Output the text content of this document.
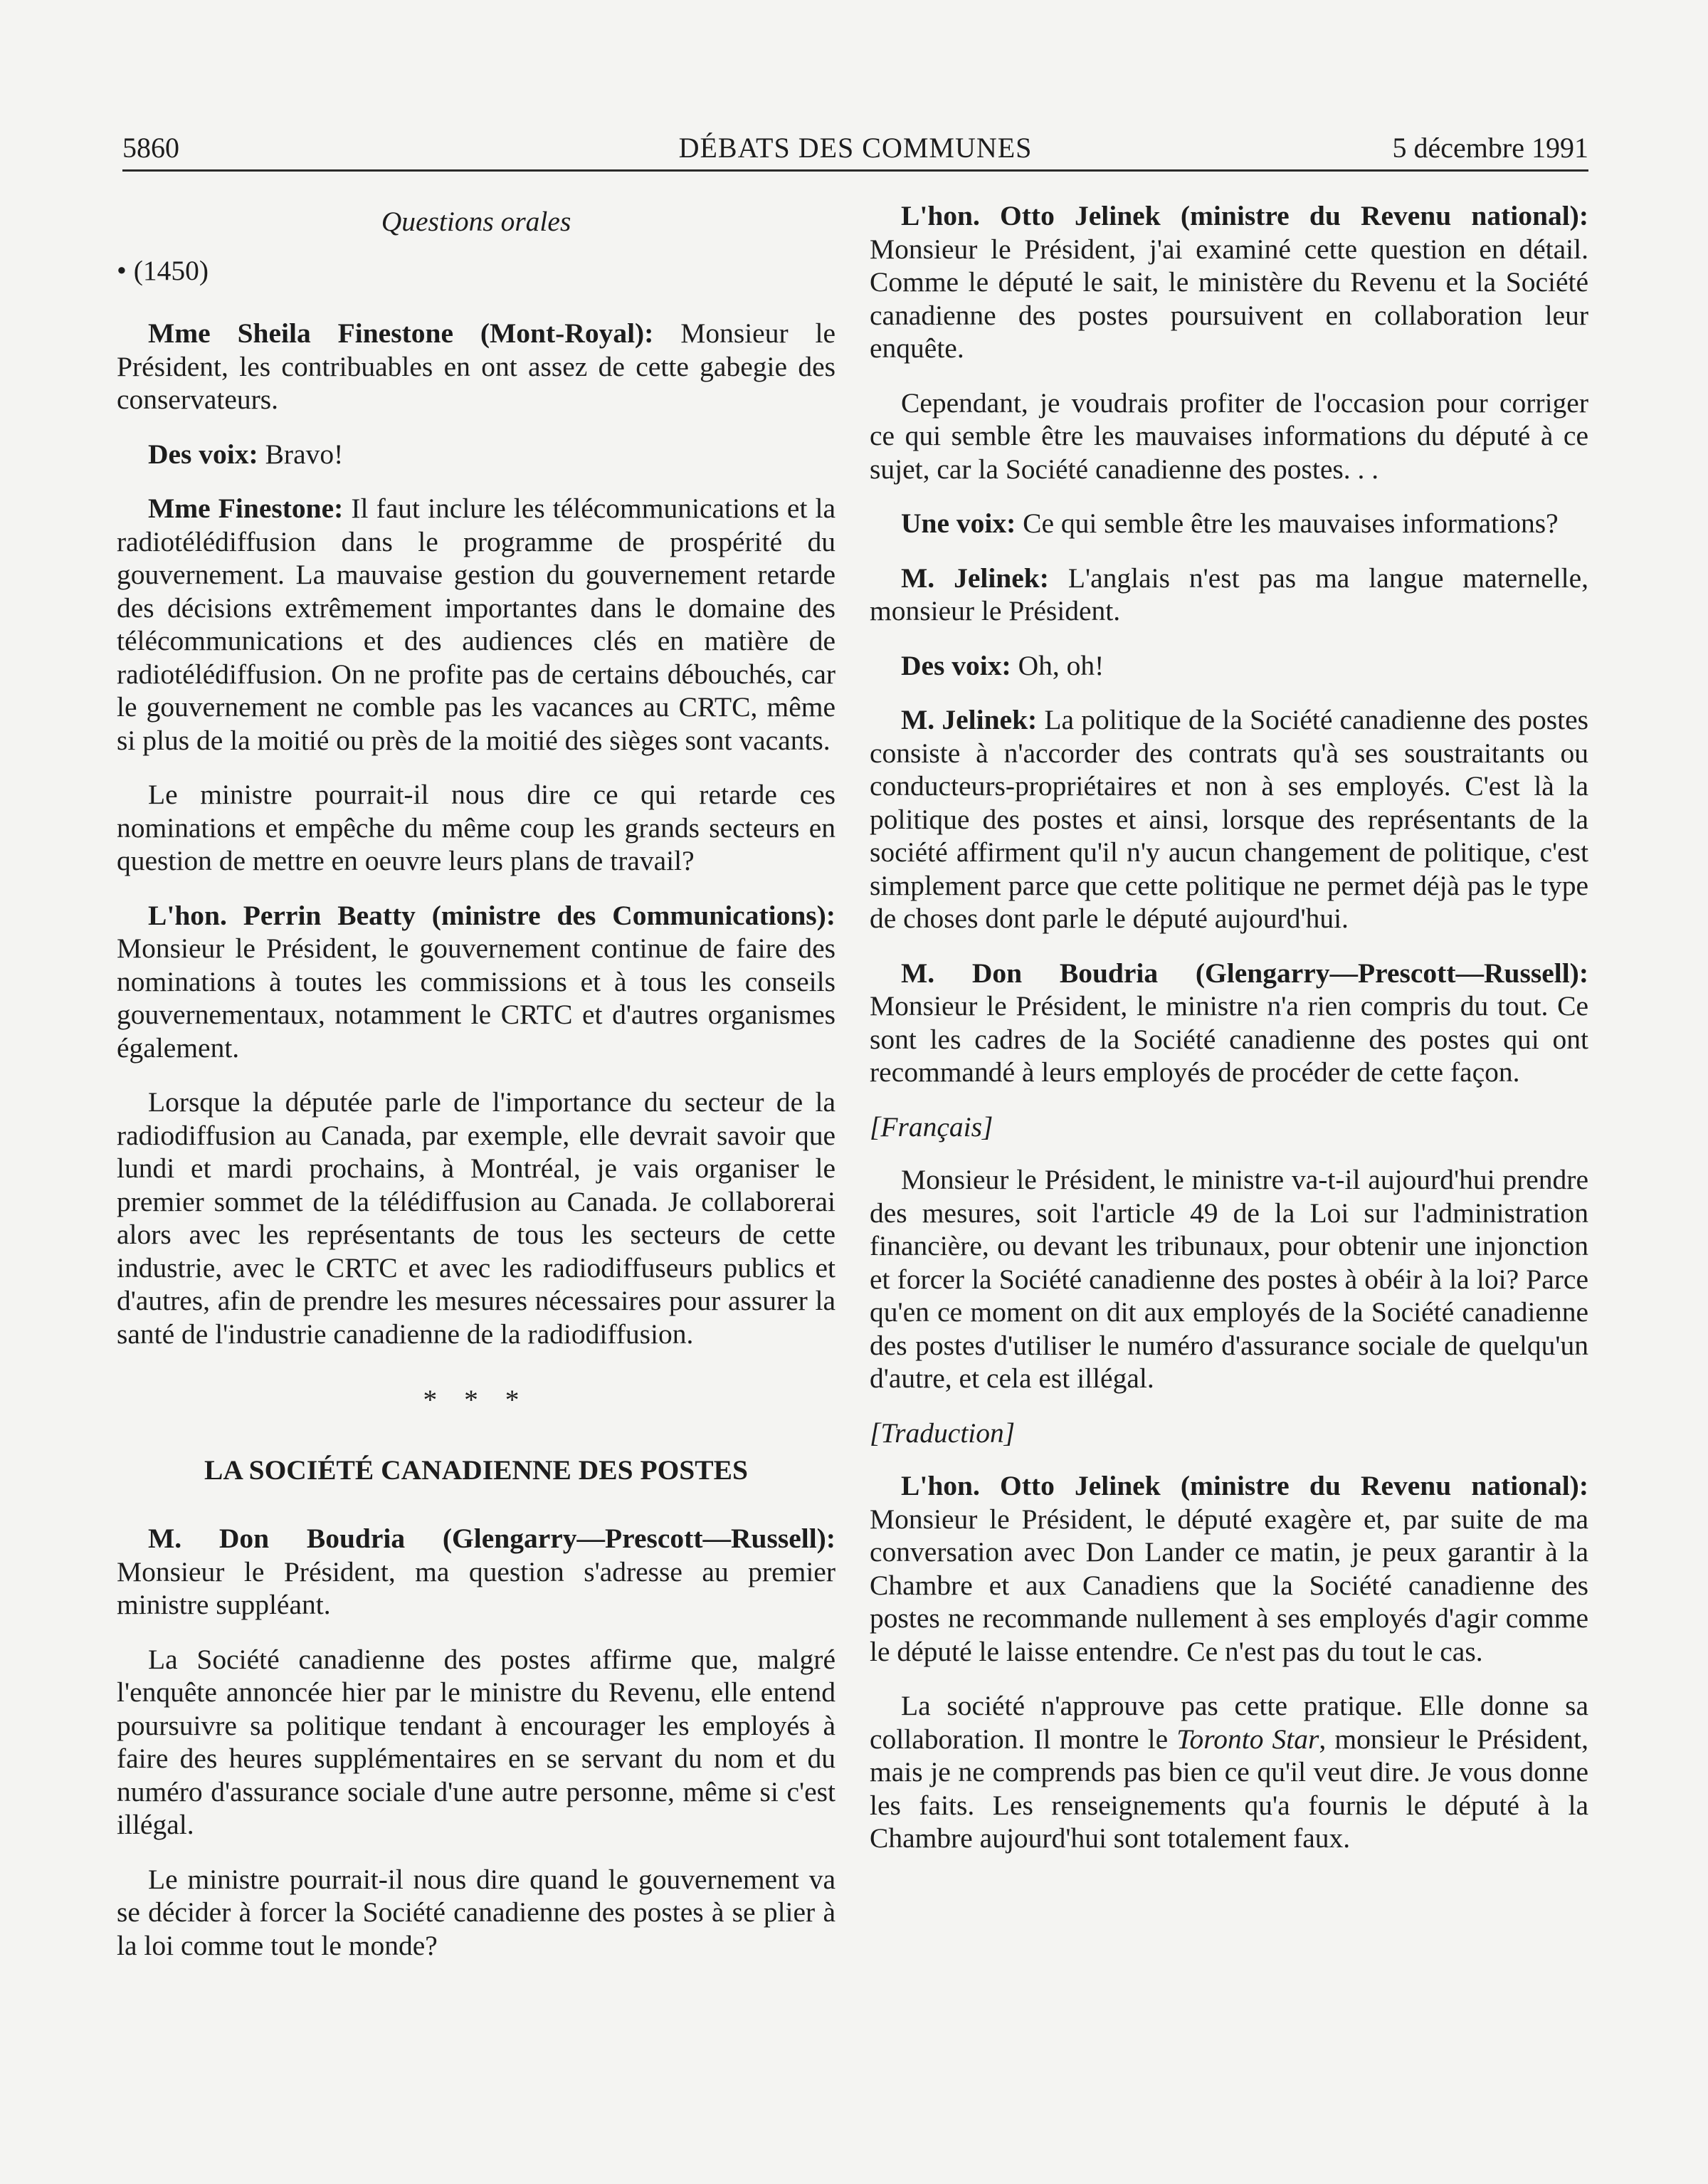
5860	DÉBATS DES COMMUNES	5 décembre 1991
Questions orales
• (1450)

Mme Sheila Finestone (Mont-Royal): Monsieur le Président, les contribuables en ont assez de cette gabegie des conservateurs.

Des voix: Bravo!

Mme Finestone: Il faut inclure les télécommunications et la radiotélédiffusion dans le programme de prospérité du gouvernement. La mauvaise gestion du gouvernement retarde des décisions extrêmement importantes dans le domaine des télécommunications et des audiences clés en matière de radiotélédiffusion. On ne profite pas de certains débouchés, car le gouvernement ne comble pas les vacances au CRTC, même si plus de la moitié ou près de la moitié des sièges sont vacants.

Le ministre pourrait-il nous dire ce qui retarde ces nominations et empêche du même coup les grands secteurs en question de mettre en oeuvre leurs plans de travail?

L'hon. Perrin Beatty (ministre des Communications): Monsieur le Président, le gouvernement continue de faire des nominations à toutes les commissions et à tous les conseils gouvernementaux, notamment le CRTC et d'autres organismes également.

Lorsque la députée parle de l'importance du secteur de la radiodiffusion au Canada, par exemple, elle devrait savoir que lundi et mardi prochains, à Montréal, je vais organiser le premier sommet de la télédiffusion au Canada. Je collaborerai alors avec les représentants de tous les secteurs de cette industrie, avec le CRTC et avec les radiodiffuseurs publics et d'autres, afin de prendre les mesures nécessaires pour assurer la santé de l'industrie canadienne de la radiodiffusion.

* * *
LA SOCIÉTÉ CANADIENNE DES POSTES

M. Don Boudria (Glengarry—Prescott—Russell): Monsieur le Président, ma question s'adresse au premier ministre suppléant.

La Société canadienne des postes affirme que, malgré l'enquête annoncée hier par le ministre du Revenu, elle entend poursuivre sa politique tendant à encourager les employés à faire des heures supplémentaires en se servant du nom et du numéro d'assurance sociale d'une autre personne, même si c'est illégal.

Le ministre pourrait-il nous dire quand le gouvernement va se décider à forcer la Société canadienne des postes à se plier à la loi comme tout le monde?

L'hon. Otto Jelinek (ministre du Revenu national): Monsieur le Président, j'ai examiné cette question en détail. Comme le député le sait, le ministère du Revenu et la Société canadienne des postes poursuivent en collaboration leur enquête.

Cependant, je voudrais profiter de l'occasion pour corriger ce qui semble être les mauvaises informations du député à ce sujet, car la Société canadienne des postes. . .

Une voix: Ce qui semble être les mauvaises informations?

M. Jelinek: L'anglais n'est pas ma langue maternelle, monsieur le Président.

Des voix: Oh, oh!

M. Jelinek: La politique de la Société canadienne des postes consiste à n'accorder des contrats qu'à ses soustraitants ou conducteurs-propriétaires et non à ses employés. C'est là la politique des postes et ainsi, lorsque des représentants de la société affirment qu'il n'y aucun changement de politique, c'est simplement parce que cette politique ne permet déjà pas le type de choses dont parle le député aujourd'hui.

M. Don Boudria (Glengarry—Prescott—Russell): Monsieur le Président, le ministre n'a rien compris du tout. Ce sont les cadres de la Société canadienne des postes qui ont recommandé à leurs employés de procéder de cette façon.

[Français]

Monsieur le Président, le ministre va-t-il aujourd'hui prendre des mesures, soit l'article 49 de la Loi sur l'administration financière, ou devant les tribunaux, pour obtenir une injonction et forcer la Société canadienne des postes à obéir à la loi? Parce qu'en ce moment on dit aux employés de la Société canadienne des postes d'utiliser le numéro d'assurance sociale de quelqu'un d'autre, et cela est illégal.

[Traduction]

L'hon. Otto Jelinek (ministre du Revenu national): Monsieur le Président, le député exagère et, par suite de ma conversation avec Don Lander ce matin, je peux garantir à la Chambre et aux Canadiens que la Société canadienne des postes ne recommande nullement à ses employés d'agir comme le député le laisse entendre. Ce n'est pas du tout le cas.

La société n'approuve pas cette pratique. Elle donne sa collaboration. Il montre le Toronto Star, monsieur le Président, mais je ne comprends pas bien ce qu'il veut dire. Je vous donne les faits. Les renseignements qu'a fournis le député à la Chambre aujourd'hui sont totalement faux.
